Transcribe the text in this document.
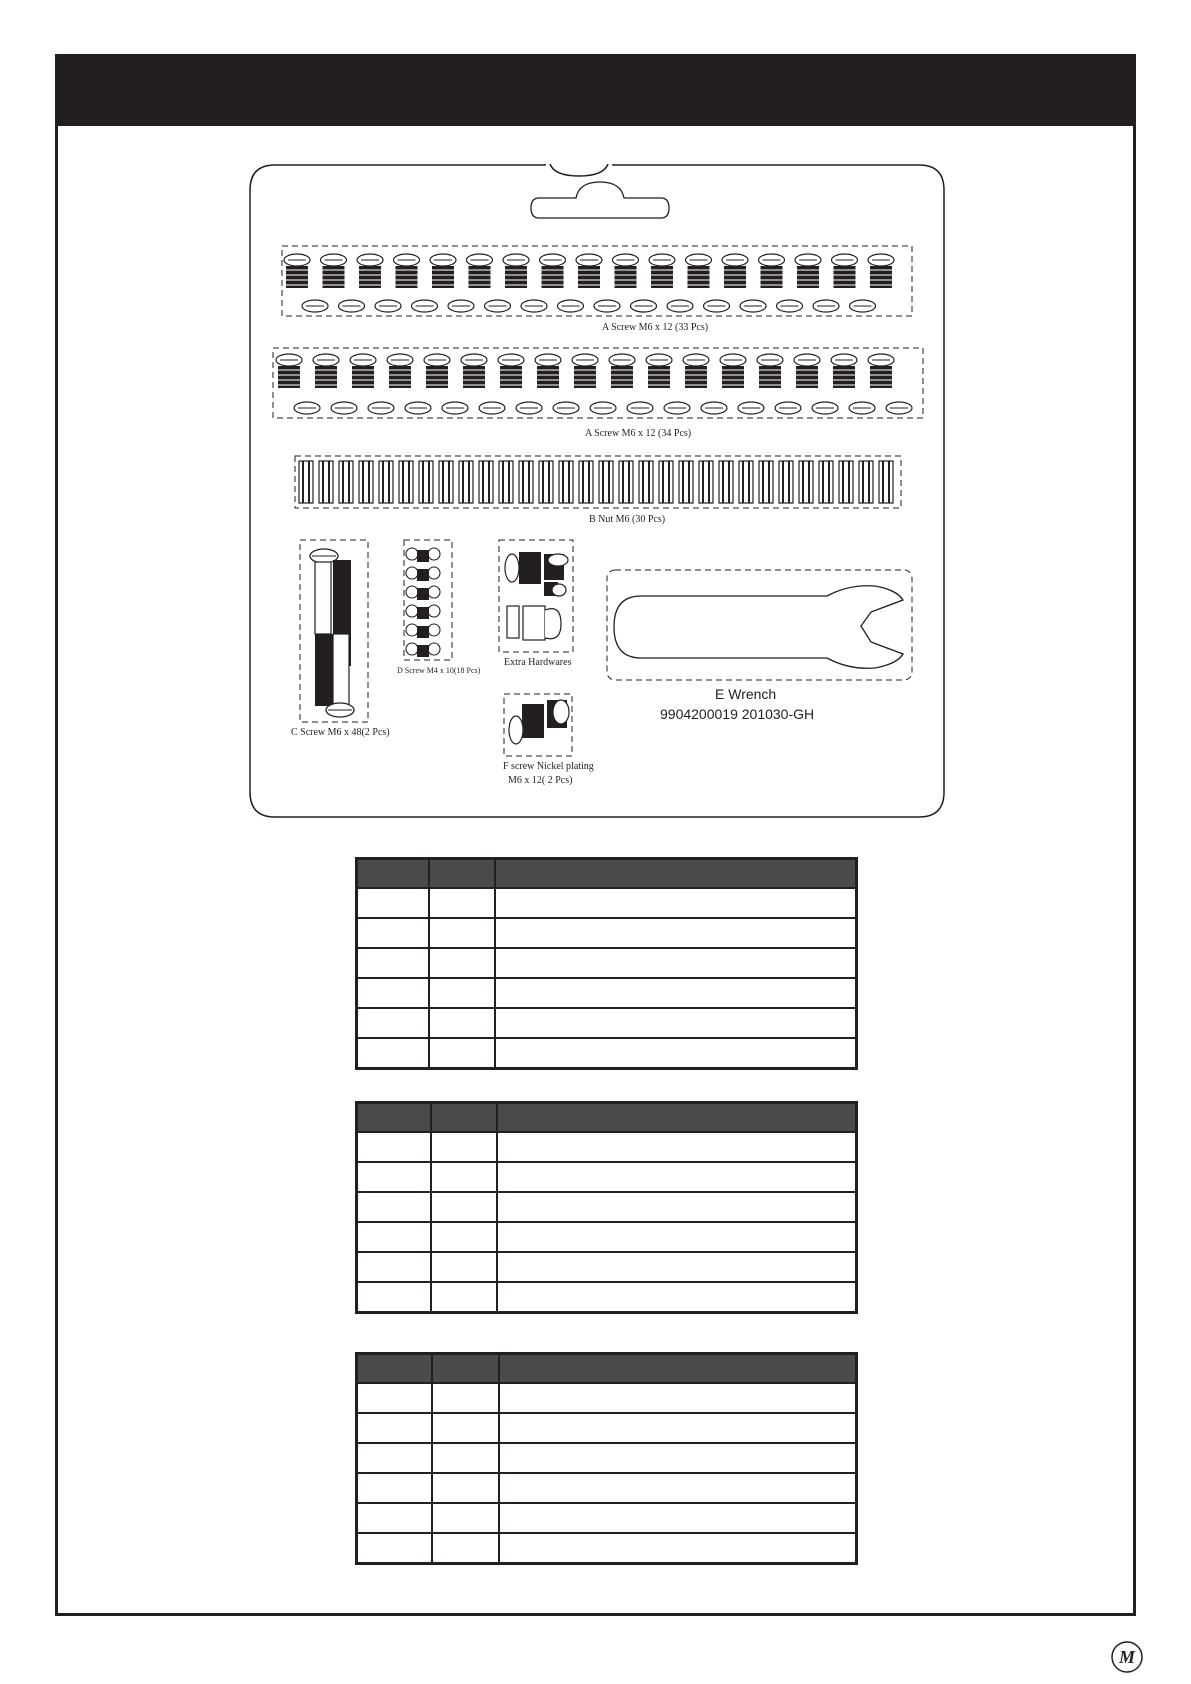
A Screw M6 x 12 (33 Pcs)
A Screw M6 x 12 (34 Pcs)
B Nut M6 (30 Pcs)
C Screw M6 x 48(2 Pcs)
D Screw M4 x 10(18 Pcs)
Extra Hardwares
F screw Nickel plating
M6 x 12( 2 Pcs)
E Wrench
9904200019 201030-GH

M
